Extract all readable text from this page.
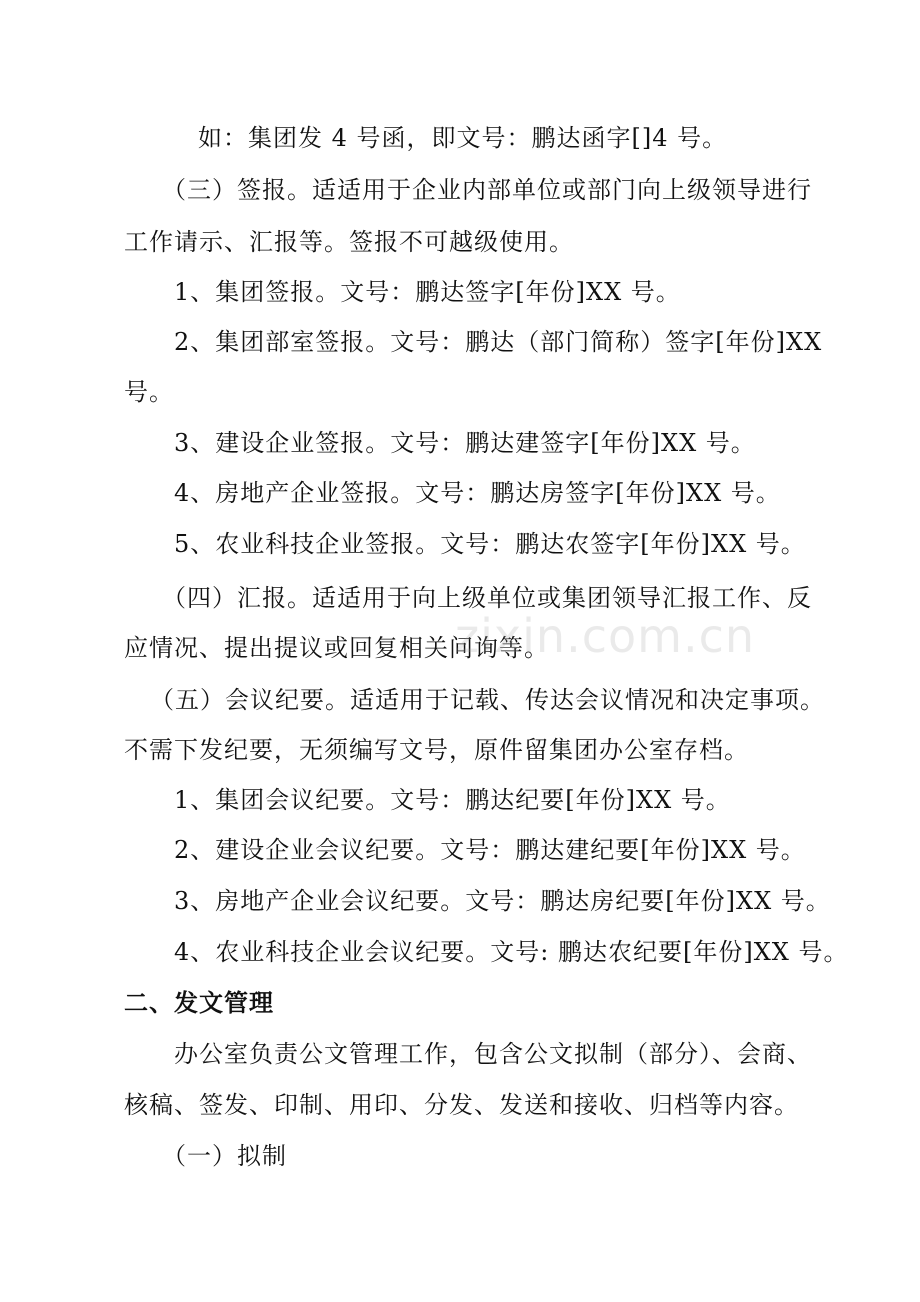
如：集团发 4 号函，即文号：鹏达函字[]4 号。
（三）签报。适适用于企业内部单位或部门向上级领导进行
工作请示、汇报等。签报不可越级使用。
1、集团签报。文号：鹏达签字[年份]XX 号。
2、集团部室签报。文号：鹏达（部门简称）签字[年份]XX
号。
3、建设企业签报。文号：鹏达建签字[年份]XX 号。
4、房地产企业签报。文号：鹏达房签字[年份]XX 号。
5、农业科技企业签报。文号：鹏达农签字[年份]XX 号。
（四）汇报。适适用于向上级单位或集团领导汇报工作、反
应情况、提出提议或回复相关问询等。
（五）会议纪要。适适用于记载、传达会议情况和决定事项。
不需下发纪要，无须编写文号，原件留集团办公室存档。
1、集团会议纪要。文号：鹏达纪要[年份]XX 号。
2、建设企业会议纪要。文号：鹏达建纪要[年份]XX 号。
3、房地产企业会议纪要。文号：鹏达房纪要[年份]XX 号。
4、农业科技企业会议纪要。文号: 鹏达农纪要[年份]XX 号。
二、发文管理
办公室负责公文管理工作，包含公文拟制（部分）、会商、
核稿、签发、印制、用印、分发、发送和接收、归档等内容。
（一）拟制
zixin.com.cn
